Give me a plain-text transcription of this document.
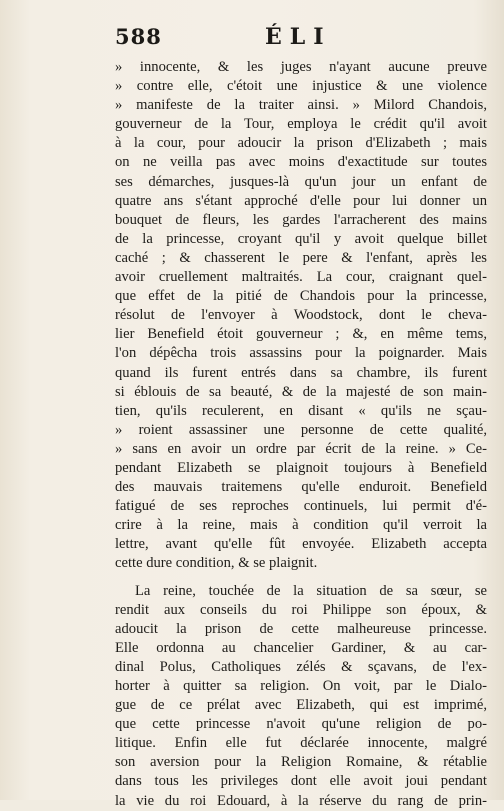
588	ÉLI
» innocente, & les juges n'ayant aucune preuve
» contre elle, c'étoit une injustice & une violence
» manifeste de la traiter ainsi. » Milord Chandois,
gouverneur de la Tour, employa le crédit qu'il avoit
à la cour, pour adoucir la prison d'Elizabeth ; mais
on ne veilla pas avec moins d'exactitude sur toutes
ses démarches, jusques-là qu'un jour un enfant de
quatre ans s'étant approché d'elle pour lui donner un
bouquet de fleurs, les gardes l'arracherent des mains
de la princesse, croyant qu'il y avoit quelque billet
caché ; & chasserent le pere & l'enfant, après les
avoir cruellement maltraités. La cour, craignant quel-
que effet de la pitié de Chandois pour la princesse,
résolut de l'envoyer à Woodstock, dont le cheva-
lier Benefield étoit gouverneur ; &, en même tems,
l'on dépêcha trois assassins pour la poignarder. Mais
quand ils furent entrés dans sa chambre, ils furent
si éblouis de sa beauté, & de la majesté de son main-
tien, qu'ils reculerent, en disant « qu'ils ne sçau-
» roient assassiner une personne de cette qualité,
» sans en avoir un ordre par écrit de la reine. » Ce-
pendant Elizabeth se plaignoit toujours à Benefield
des mauvais traitemens qu'elle enduroit. Benefield
fatigué de ses reproches continuels, lui permit d'é-
crire à la reine, mais à condition qu'il verroit la
lettre, avant qu'elle fût envoyée. Elizabeth accepta
cette dure condition, & se plaignit.
La reine, touchée de la situation de sa sœur, se
rendit aux conseils du roi Philippe son époux, &
adoucit la prison de cette malheureuse princesse.
Elle ordonna au chancelier Gardiner, & au car-
dinal Polus, Catholiques zélés & sçavans, de l'ex-
horter à quitter sa religion. On voit, par le Dialo-
gue de ce prélat avec Elizabeth, qui est imprimé,
que cette princesse n'avoit qu'une religion de po-
litique. Enfin elle fut déclarée innocente, malgré
son aversion pour la Religion Romaine, & rétablie
dans tous les privileges dont elle avoit joui pendant
la vie du roi Edouard, à la réserve du rang de prin-
